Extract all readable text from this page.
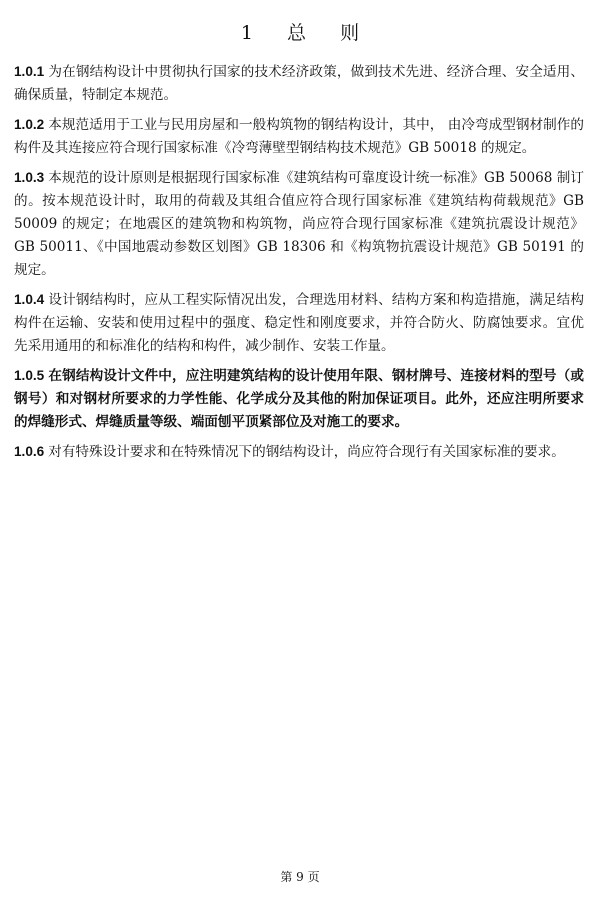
1 总 则

1.0.1 为在钢结构设计中贯彻执行国家的技术经济政策，做到技术先进、经济合理、安全适用、确保质量，特制定本规范。

1.0.2 本规范适用于工业与民用房屋和一般构筑物的钢结构设计，其中， 由冷弯成型钢材制作的构件及其连接应符合现行国家标准《冷弯薄壁型钢结构技术规范》GB 50018 的规定。

1.0.3 本规范的设计原则是根据现行国家标准《建筑结构可靠度设计统一标准》GB 50068 制订的。按本规范设计时，取用的荷载及其组合值应符合现行国家标准《建筑结构荷载规范》GB 50009 的规定；在地震区的建筑物和构筑物，尚应符合现行国家标准《建筑抗震设计规范》GB 50011、《中国地震动参数区划图》GB 18306 和《构筑物抗震设计规范》GB 50191 的规定。

1.0.4 设计钢结构时，应从工程实际情况出发，合理选用材料、结构方案和构造措施，满足结构构件在运输、安装和使用过程中的强度、稳定性和刚度要求，并符合防火、防腐蚀要求。宜优先采用通用的和标准化的结构和构件，减少制作、安装工作量。

1.0.5 在钢结构设计文件中，应注明建筑结构的设计使用年限、钢材牌号、连接材料的型号（或钢号）和对钢材所要求的力学性能、化学成分及其他的附加保证项目。此外，还应注明所要求的焊缝形式、焊缝质量等级、端面刨平顶紧部位及对施工的要求。

1.0.6 对有特殊设计要求和在特殊情况下的钢结构设计，尚应符合现行有关国家标准的要求。

第 9 页
